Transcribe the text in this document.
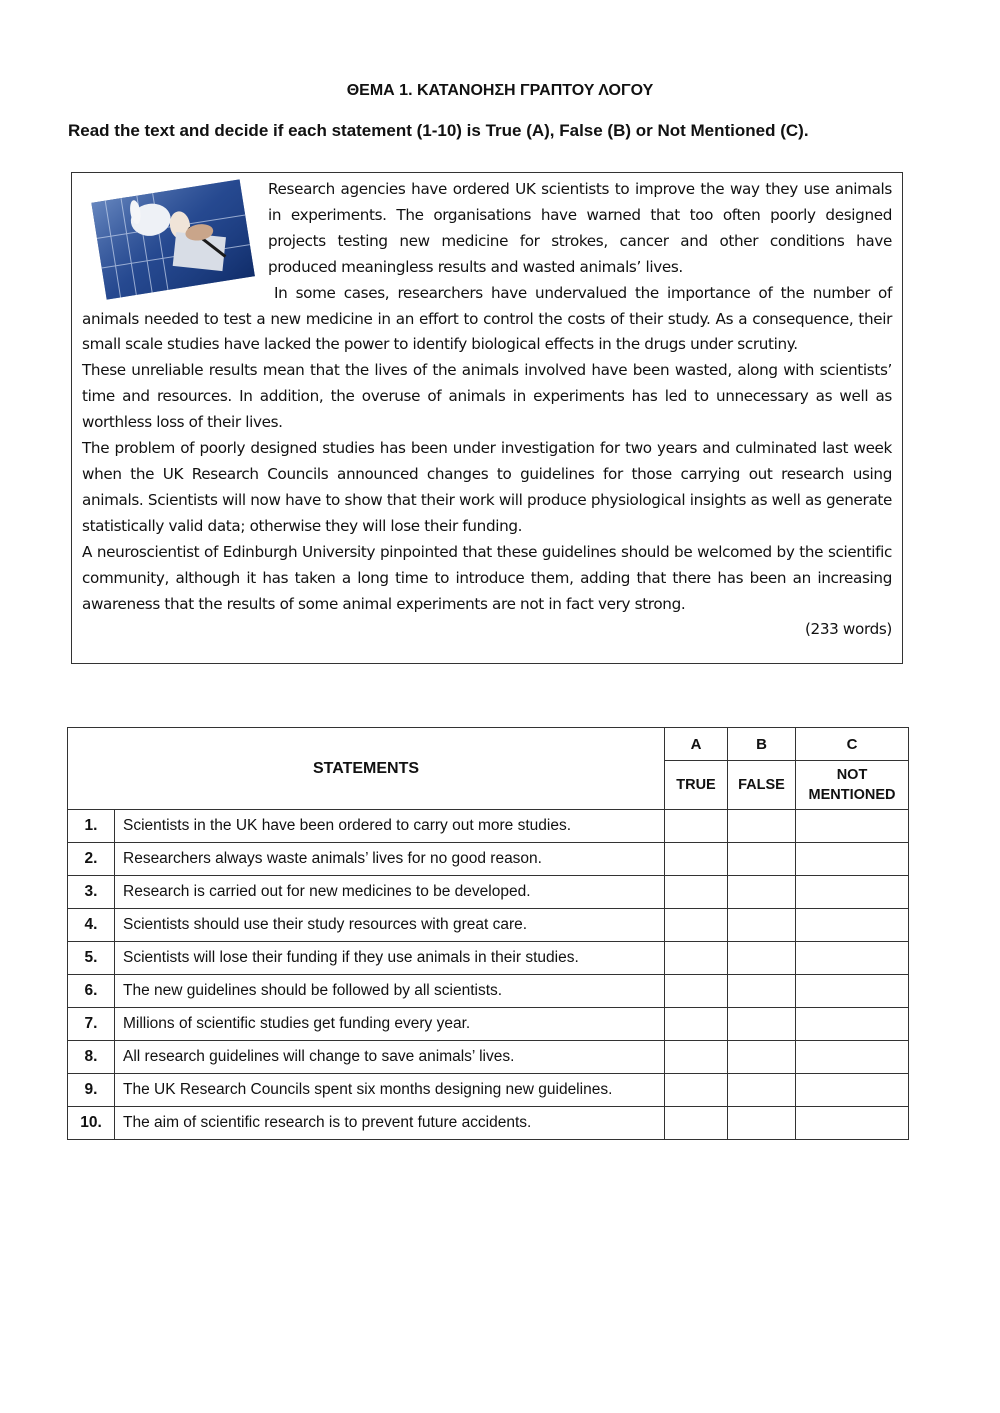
ΘΕΜΑ 1. ΚΑΤΑΝΟΗΣΗ ΓΡΑΠΤΟΥ ΛΟΓΟΥ
Read the text and decide if each statement (1-10) is True (A), False (B) or Not Mentioned (C).

Research agencies have ordered UK scientists to improve the way they use animals in experiments. The organisations have warned that too often poorly designed projects testing new medicine for strokes, cancer and other conditions have produced meaningless results and wasted animals’ lives.

In some cases, researchers have undervalued the importance of the number of animals needed to test a new medicine in an effort to control the costs of their study. As a consequence, their small scale studies have lacked the power to identify biological effects in the drugs under scrutiny.

These unreliable results mean that the lives of the animals involved have been wasted, along with scientists’ time and resources. In addition, the overuse of animals in experiments has led to unnecessary as well as worthless loss of their lives.

The problem of poorly designed studies has been under investigation for two years and culminated last week when the UK Research Councils announced changes to guidelines for those carrying out research using animals. Scientists will now have to show that their work will produce physiological insights as well as generate statistically valid data; otherwise they will lose their funding.

A neuroscientist of Edinburgh University pinpointed that these guidelines should be welcomed by the scientific community, although it has taken a long time to introduce them, adding that there has been an increasing awareness that the results of some animal experiments are not in fact very strong.

(233 words)

STATEMENTS		A	B	C
		TRUE	FALSE	NOT MENTIONED
1.	Scientists in the UK have been ordered to carry out more studies.			
2.	Researchers always waste animals’ lives for no good reason.			
3.	Research is carried out for new medicines to be developed.			
4.	Scientists should use their study resources with great care.			
5.	Scientists will lose their funding if they use animals in their studies.			
6.	The new guidelines should be followed by all scientists.			
7.	Millions of scientific studies get funding every year.			
8.	All research guidelines will change to save animals’ lives.			
9.	The UK Research Councils spent six months designing new guidelines.			
10.	The aim of scientific research is to prevent future accidents.			
